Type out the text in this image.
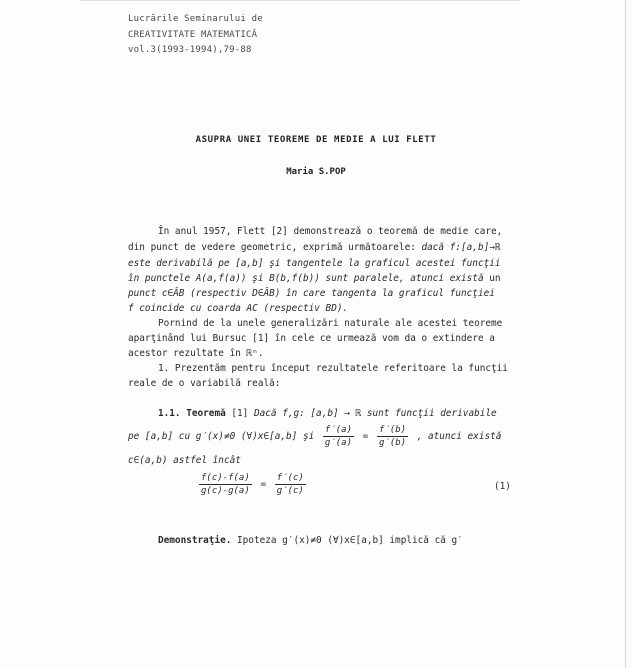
Lucrările Seminarului de
CREATIVITATE MATEMATICĂ
vol.3(1993-1994),79-88
ASUPRA UNEI TEOREME DE MEDIE A LUI FLETT
Maria S.POP
În anul 1957, Flett [2] demonstrează o teoremă de medie care,
din punct de vedere geometric, exprimă următoarele: dacă f:[a,b]→ℝ
este derivabilă pe [a,b] şi tangentele la graficul acestei funcţii
în punctele A(a,f(a)) şi B(b,f(b)) sunt paralele, atunci există un
punct c∈ÂB (respectiv D∈ÂB) în care tangenta la graficul funcţiei
f coincide cu coarda AC (respectiv BD).
Pornind de la unele generalizări naturale ale acestei teoreme
aparţinând lui Bursuc [1] în cele ce urmează vom da o extindere a
acestor rezultate în ℝⁿ.
1. Prezentăm pentru început rezultatele referitoare la funcţii
reale de o variabilă reală:
1.1. Teoremă [1] Dacă f,g: [a,b] → ℝ sunt funcţii derivabile
pe [a,b] cu g′(x)≠0 (∀)x∈[a,b] şi $\frac{f'(a)}{g'(a)} = \frac{f'(b)}{g'(b)}$ , atunci există
c∈(a,b) astfel încât
$\frac{f(c)-f(a)}{g(c)-g(a)} = \frac{f'(c)}{g'(c)}$	(1)
Demonstraţie. Ipoteza g′(x)≠0 (∀)x∈[a,b] implică că g′
